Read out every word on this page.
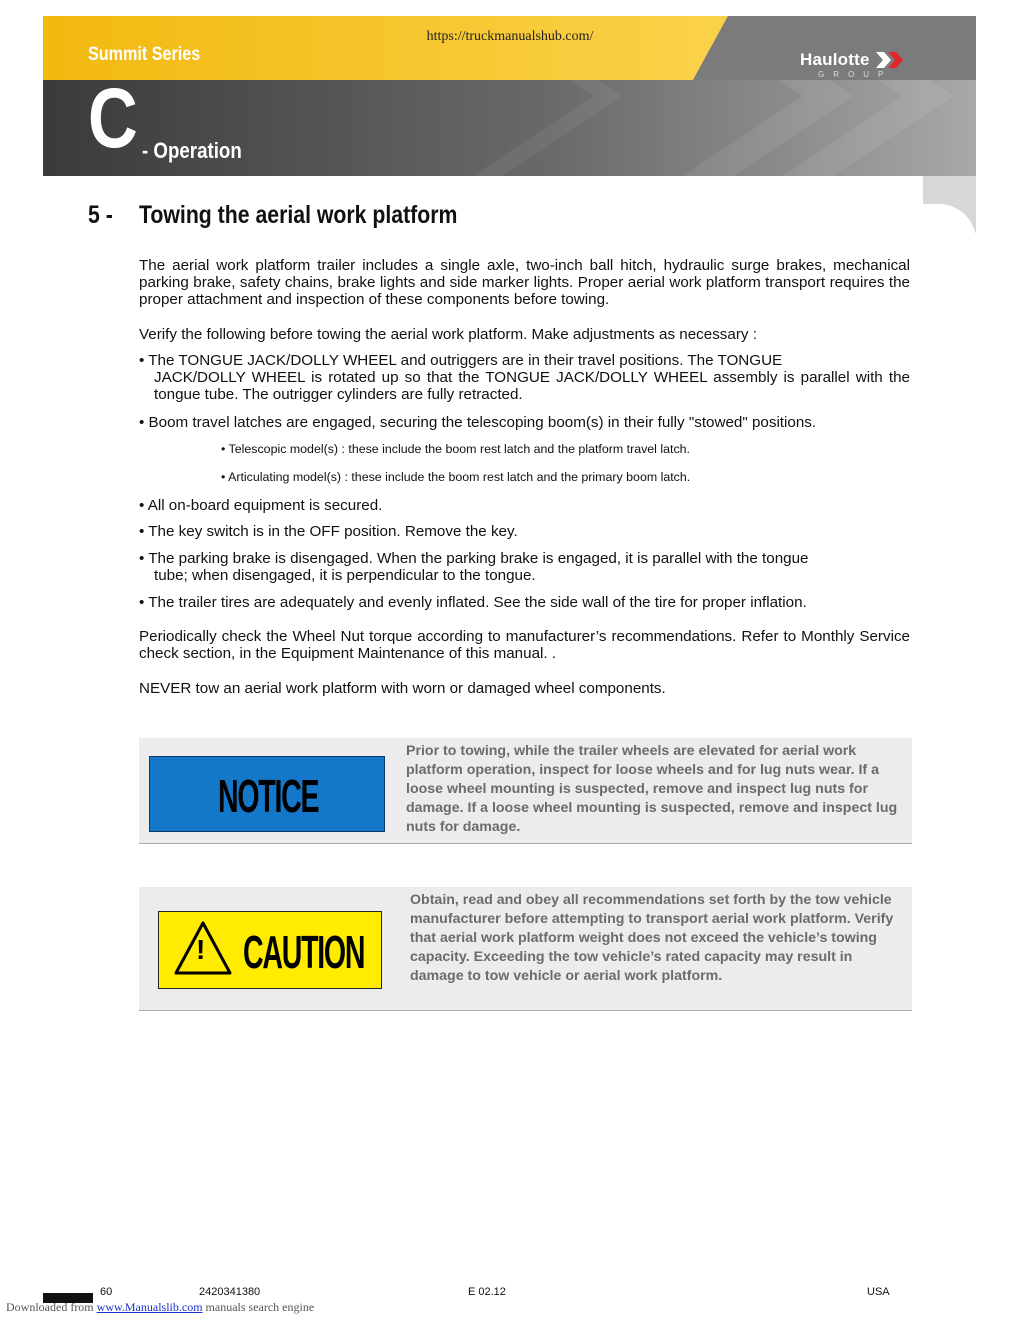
https://truckmanualshub.com/
Summit Series	Haulotte
GROUP
C - Operation
5 - Towing the aerial work platform
The aerial work platform trailer includes a single axle, two-inch ball hitch, hydraulic surge brakes, mechanical parking brake, safety chains, brake lights and side marker lights. Proper aerial work platform transport requires the proper attachment and inspection of these components before towing.
Verify the following before towing the aerial work platform. Make adjustments as necessary :
• The TONGUE JACK/DOLLY WHEEL and outriggers are in their travel positions. The TONGUE
JACK/DOLLY WHEEL is rotated up so that the TONGUE JACK/DOLLY WHEEL assembly is parallel with the tongue tube. The outrigger cylinders are fully retracted.
• Boom travel latches are engaged, securing the telescoping boom(s) in their fully "stowed" positions.
• Telescopic model(s) : these include the boom rest latch and the platform travel latch.
• Articulating model(s) : these include the boom rest latch and the primary boom latch.
• All on-board equipment is secured.
• The key switch is in the OFF position. Remove the key.
• The parking brake is disengaged. When the parking brake is engaged, it is parallel with the tongue
tube; when disengaged, it is perpendicular to the tongue.
• The trailer tires are adequately and evenly inflated. See the side wall of the tire for proper inflation.
Periodically check the Wheel Nut torque according to manufacturer’s recommendations. Refer to Monthly Service check section, in the Equipment Maintenance of this manual. .
NEVER tow an aerial work platform with worn or damaged wheel components.
NOTICE
Prior to towing, while the trailer wheels are elevated for aerial work platform operation, inspect for loose wheels and for lug nuts wear. If a loose wheel mounting is suspected, remove and inspect lug nuts for damage. If a loose wheel mounting is suspected, remove and inspect lug nuts for damage.
! CAUTION
Obtain, read and obey all recommendations set forth by the tow vehicle manufacturer before attempting to transport aerial work platform. Verify that aerial work platform weight does not exceed the vehicle’s towing capacity. Exceeding the tow vehicle’s rated capacity may result in damage to tow vehicle or aerial work platform.
60	2420341380	E 02.12	USA
Downloaded from www.Manualslib.com manuals search engine
